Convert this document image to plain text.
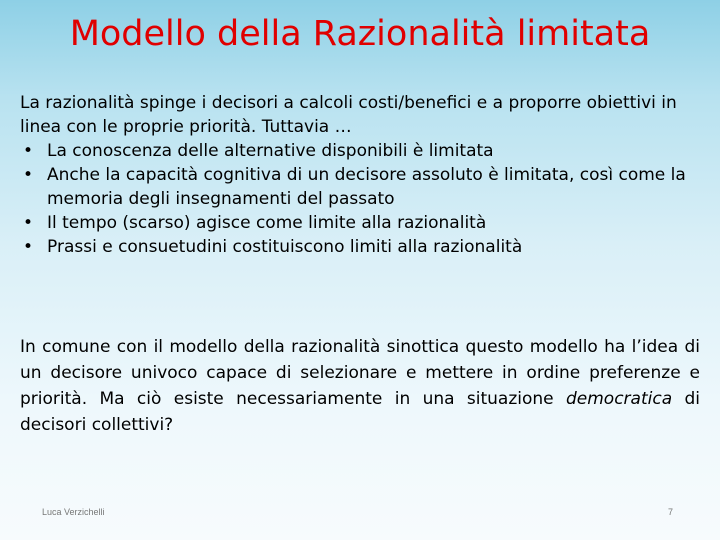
Modello della Razionalità limitata

La razionalità spinge i decisori a calcoli costi/benefici e a proporre obiettivi in linea con le proprie priorità. Tuttavia …

• La conoscenza delle alternative disponibili è limitata
• Anche la capacità cognitiva di un decisore assoluto è limitata, così come la memoria degli insegnamenti del passato
• Il tempo (scarso) agisce come limite alla razionalità
• Prassi e consuetudini costituiscono limiti alla razionalità

In comune con il modello della razionalità sinottica questo modello ha l’idea di un decisore univoco capace di selezionare e mettere in ordine preferenze e priorità. Ma ciò esiste necessariamente in una situazione democratica di decisori collettivi?

Luca Verzichelli	7
